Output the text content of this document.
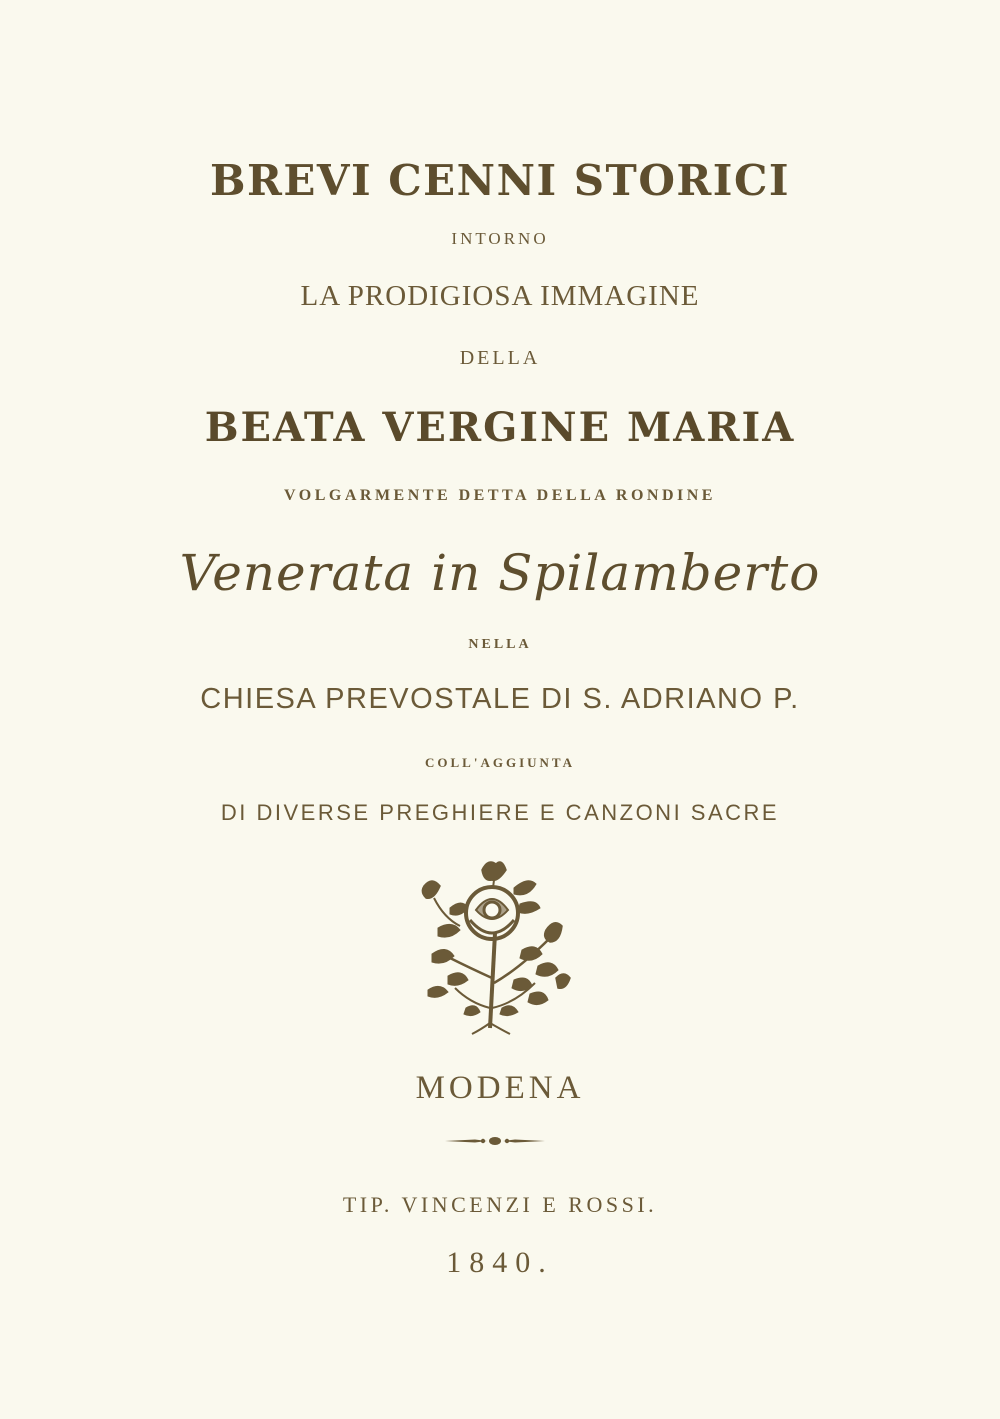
BREVI CENNI STORICI
INTORNO
LA PRODIGIOSA IMMAGINE
DELLA
BEATA VERGINE MARIA
VOLGARMENTE DETTA DELLA RONDINE
Venerata in Spilamberto
NELLA
CHIESA PREVOSTALE DI S. ADRIANO P.
COLL'AGGIUNTA
DI DIVERSE PREGHIERE E CANZONI SACRE
MODENA
TIP. VINCENZI E ROSSI.
1840.
